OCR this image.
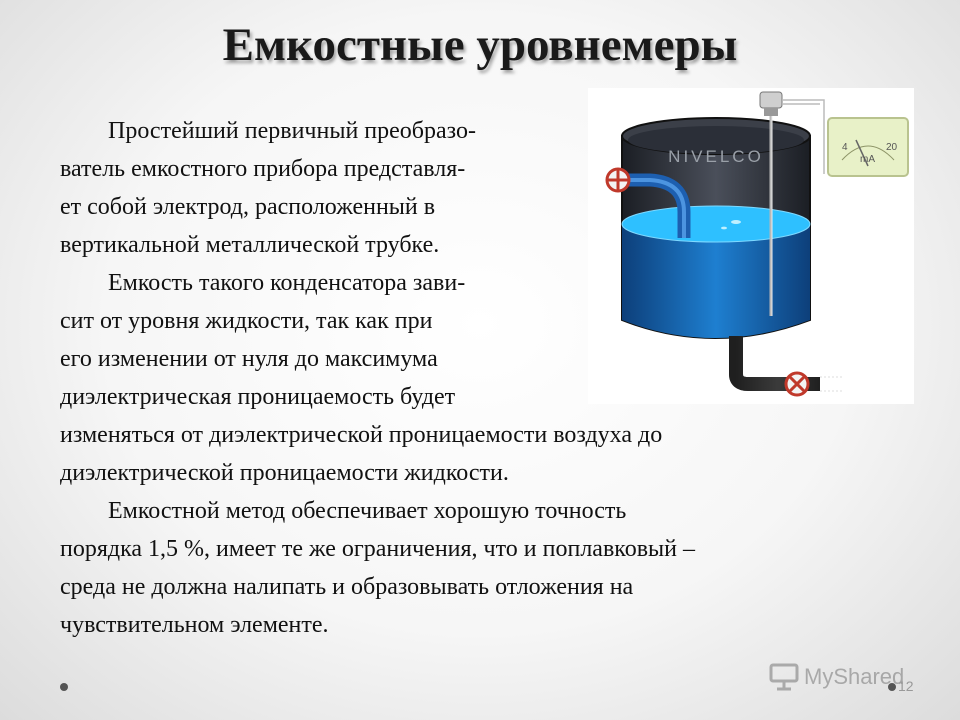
Емкостные уровнемеры
Простейший первичный преобразо-
ватель емкостного прибора представля-
ет собой электрод, расположенный в
вертикальной металлической трубке.
Емкость такого конденсатора зави-
сит от уровня жидкости, так как при
его изменении от нуля до максимума
диэлектрическая проницаемость будет
изменяться от диэлектрической проницаемости воздуха до
диэлектрической проницаемости жидкости.
Емкостной метод обеспечивает хорошую точность
порядка 1,5 %, имеет те же ограничения, что и поплавковый –
среда не должна налипать и образовывать отложения на
чувствительном элементе.
NIVELCO	4	20
mA
MyShared
12
